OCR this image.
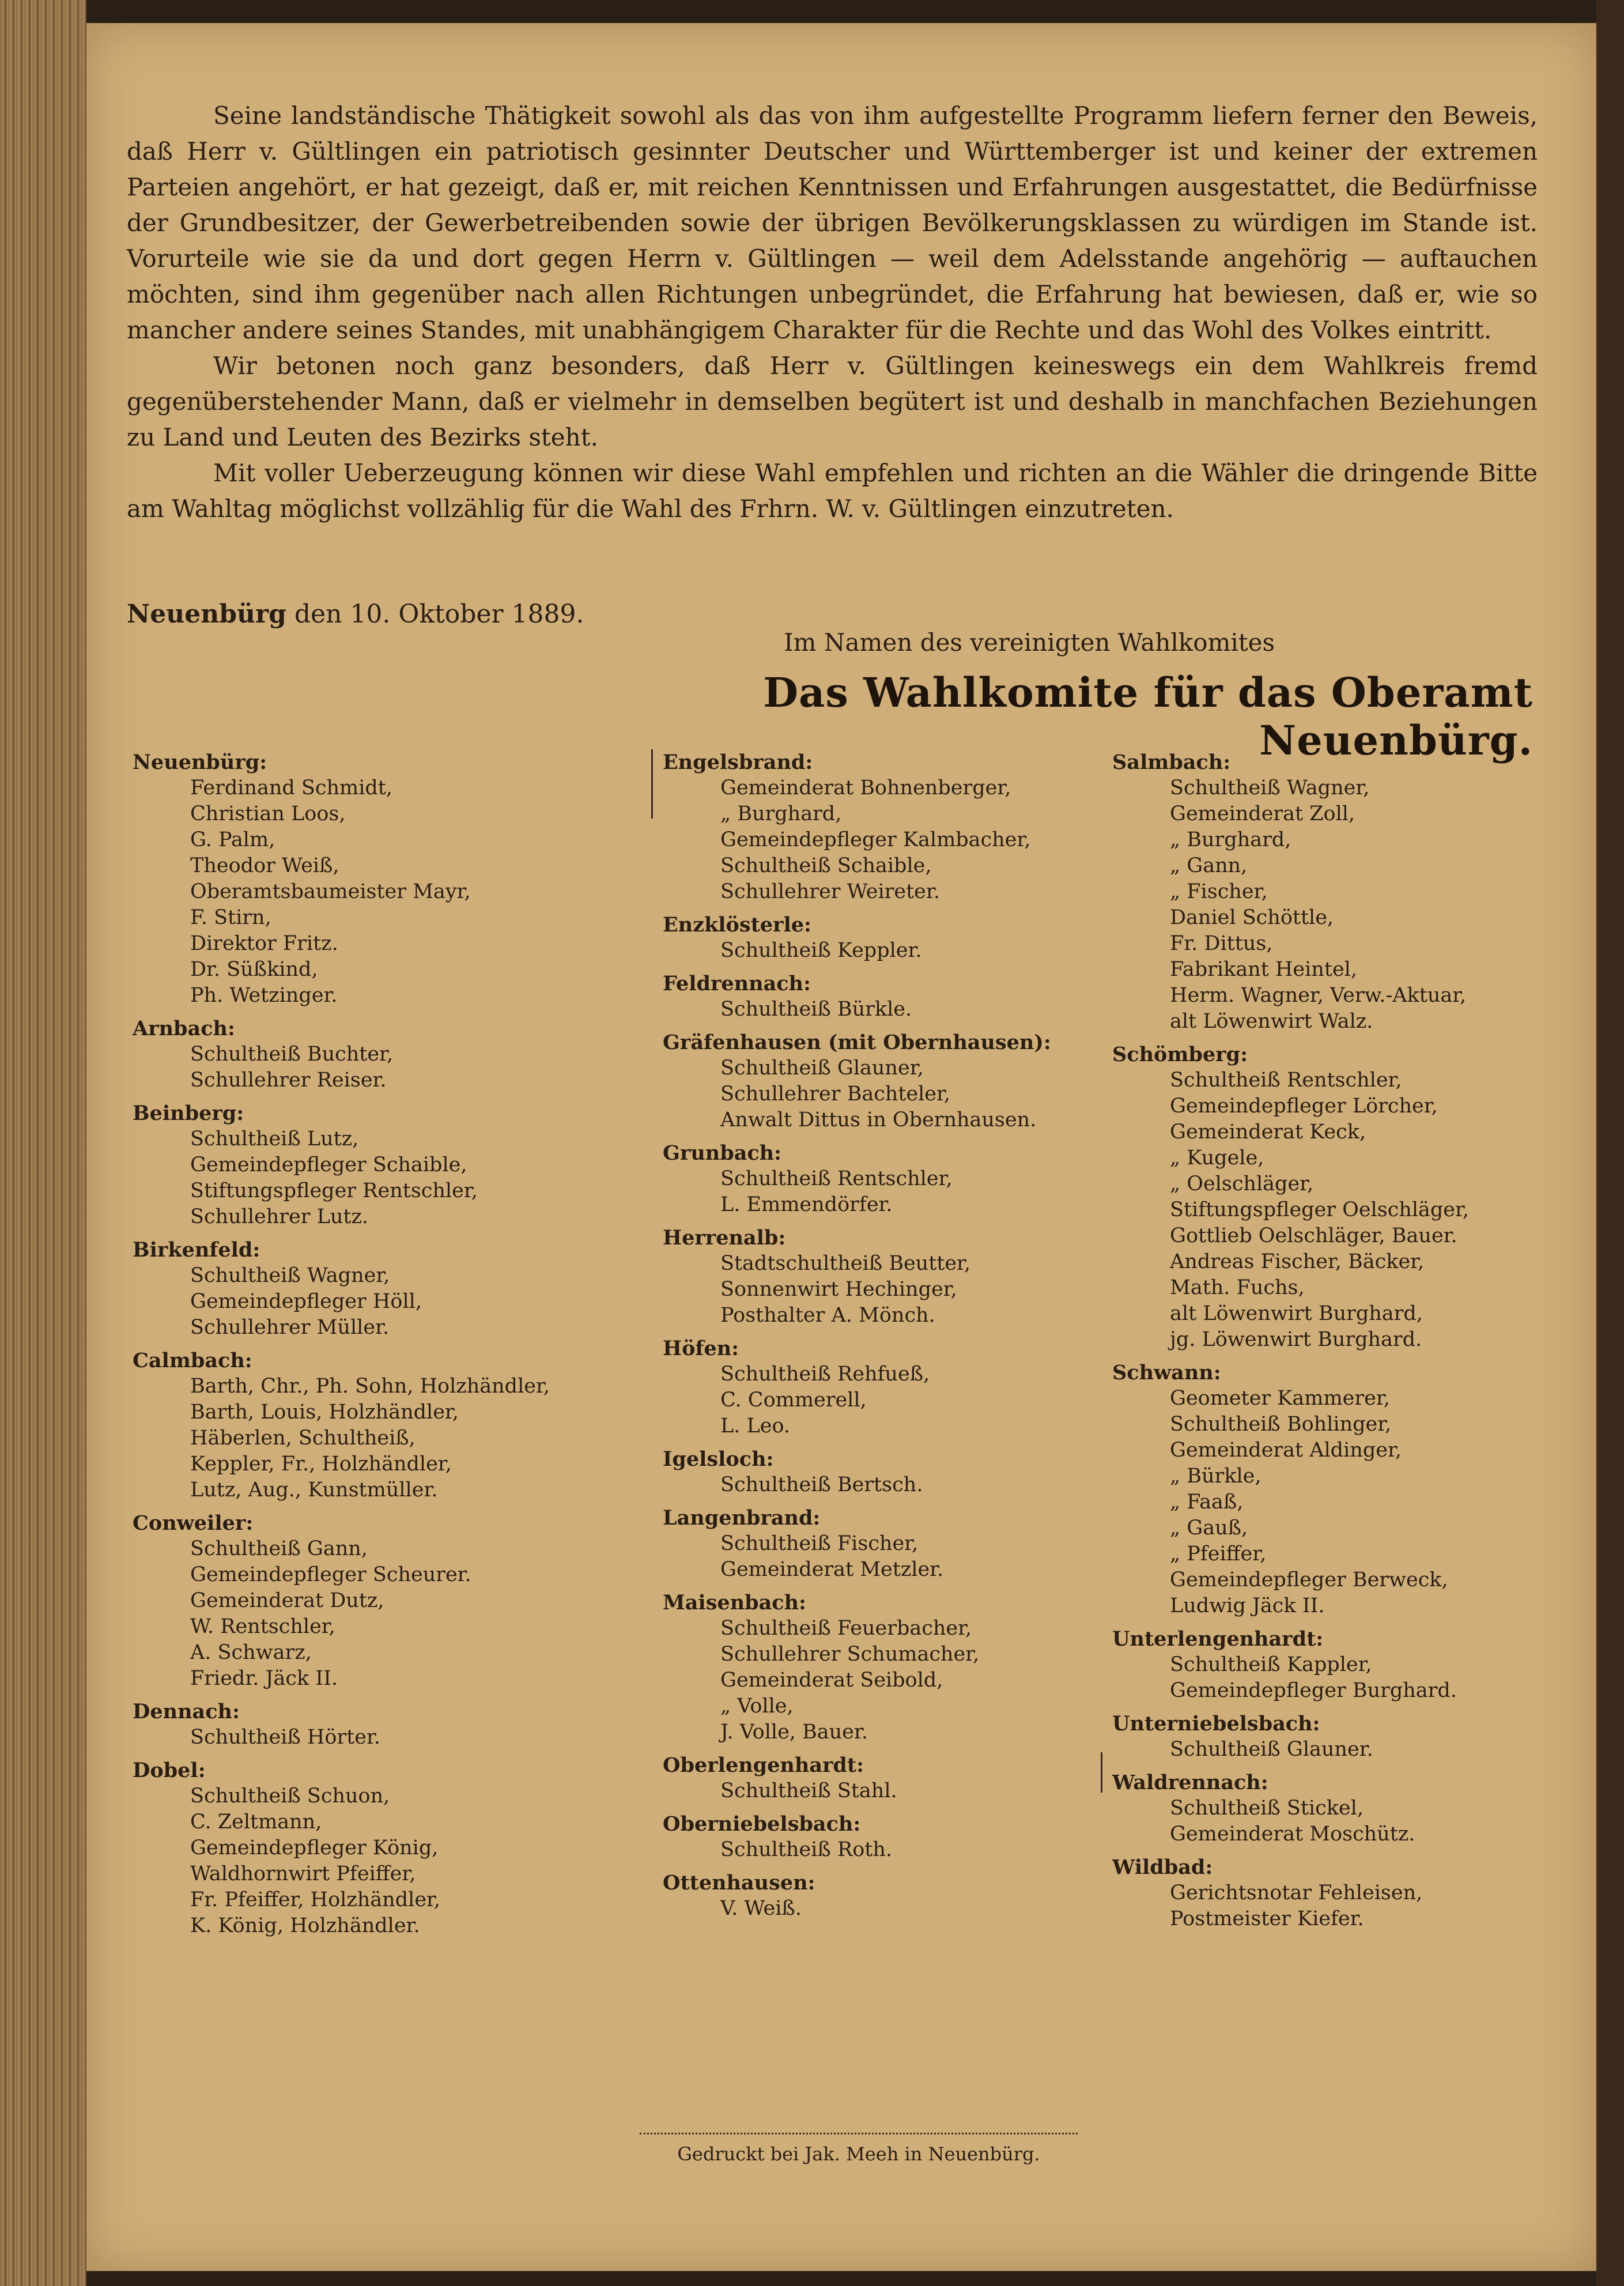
Seine landständische Thätigkeit sowohl als das von ihm aufgestellte Programm liefern ferner den Beweis, daß Herr v. Gültlingen ein patriotisch gesinnter Deutscher und Württemberger ist und keiner der extremen Parteien angehört, er hat gezeigt, daß er, mit reichen Kenntnissen und Erfahrungen ausgestattet, die Bedürfnisse der Grundbesitzer, der Gewerbetreibenden sowie der übrigen Bevölkerungsklassen zu würdigen im Stande ist. Vorurteile wie sie da und dort gegen Herrn v. Gültlingen — weil dem Adelsstande angehörig — auftauchen möchten, sind ihm gegenüber nach allen Richtungen unbegründet, die Erfahrung hat bewiesen, daß er, wie so mancher andere seines Standes, mit unabhängigem Charakter für die Rechte und das Wohl des Volkes eintritt.

Wir betonen noch ganz besonders, daß Herr v. Gültlingen keineswegs ein dem Wahlkreis fremd gegenüberstehender Mann, daß er vielmehr in demselben begütert ist und deshalb in manchfachen Beziehungen zu Land und Leuten des Bezirks steht.

Mit voller Ueberzeugung können wir diese Wahl empfehlen und richten an die Wähler die dringende Bitte am Wahltag möglichst vollzählig für die Wahl des Frhrn. W. v. Gültlingen einzutreten.

Neuenbürg den 10. Oktober 1889.
Im Namen des vereinigten Wahlkomites
Das Wahlkomite für das Oberamt Neuenbürg.
Neuenbürg:
Ferdinand Schmidt,
Christian Loos,
G. Palm,
Theodor Weiß,
Oberamtsbaumeister Mayr,
F. Stirn,
Direktor Fritz.
Dr. Süßkind,
Ph. Wetzinger.
Arnbach:
Schultheiß Buchter,
Schullehrer Reiser.
Beinberg:
Schultheiß Lutz,
Gemeindepfleger Schaible,
Stiftungspfleger Rentschler,
Schullehrer Lutz.
Birkenfeld:
Schultheiß Wagner,
Gemeindepfleger Höll,
Schullehrer Müller.
Calmbach:
Barth, Chr., Ph. Sohn, Holzhändler,
Barth, Louis, Holzhändler,
Häberlen, Schultheiß,
Keppler, Fr., Holzhändler,
Lutz, Aug., Kunstmüller.
Conweiler:
Schultheiß Gann,
Gemeindepfleger Scheurer.
Gemeinderat Dutz,
W. Rentschler,
A. Schwarz,
Friedr. Jäck II.
Dennach:
Schultheiß Hörter.
Dobel:
Schultheiß Schuon,
C. Zeltmann,
Gemeindepfleger König,
Waldhornwirt Pfeiffer,
Fr. Pfeiffer, Holzhändler,
K. König, Holzhändler.
Engelsbrand:
Gemeinderat Bohnenberger,
„ Burghard,
Gemeindepfleger Kalmbacher,
Schultheiß Schaible,
Schullehrer Weireter.
Enzklösterle:
Schultheiß Keppler.
Feldrennach:
Schultheiß Bürkle.
Gräfenhausen (mit Obernhausen):
Schultheiß Glauner,
Schullehrer Bachteler,
Anwalt Dittus in Obernhausen.
Grunbach:
Schultheiß Rentschler,
L. Emmendörfer.
Herrenalb:
Stadtschultheiß Beutter,
Sonnenwirt Hechinger,
Posthalter A. Mönch.
Höfen:
Schultheiß Rehfueß,
C. Commerell,
L. Leo.
Igelsloch:
Schultheiß Bertsch.
Langenbrand:
Schultheiß Fischer,
Gemeinderat Metzler.
Maisenbach:
Schultheiß Feuerbacher,
Schullehrer Schumacher,
Gemeinderat Seibold,
„ Volle,
J. Volle, Bauer.
Oberlengenhardt:
Schultheiß Stahl.
Oberniebelsbach:
Schultheiß Roth.
Ottenhausen:
V. Weiß.
Salmbach:
Schultheiß Wagner,
Gemeinderat Zoll,
„ Burghard,
„ Gann,
„ Fischer,
Daniel Schöttle,
Fr. Dittus,
Fabrikant Heintel,
Herm. Wagner, Verw.-Aktuar,
alt Löwenwirt Walz.
Schömberg:
Schultheiß Rentschler,
Gemeindepfleger Lörcher,
Gemeinderat Keck,
„ Kugele,
„ Oelschläger,
Stiftungspfleger Oelschläger,
Gottlieb Oelschläger, Bauer.
Andreas Fischer, Bäcker,
Math. Fuchs,
alt Löwenwirt Burghard,
jg. Löwenwirt Burghard.
Schwann:
Geometer Kammerer,
Schultheiß Bohlinger,
Gemeinderat Aldinger,
„ Bürkle,
„ Faaß,
„ Gauß,
„ Pfeiffer,
Gemeindepfleger Berweck,
Ludwig Jäck II.
Unterlengenhardt:
Schultheiß Kappler,
Gemeindepfleger Burghard.
Unterniebelsbach:
Schultheiß Glauner.
Waldrennach:
Schultheiß Stickel,
Gemeinderat Moschütz.
Wildbad:
Gerichtsnotar Fehleisen,
Postmeister Kiefer.
Gedruckt bei Jak. Meeh in Neuenbürg.
